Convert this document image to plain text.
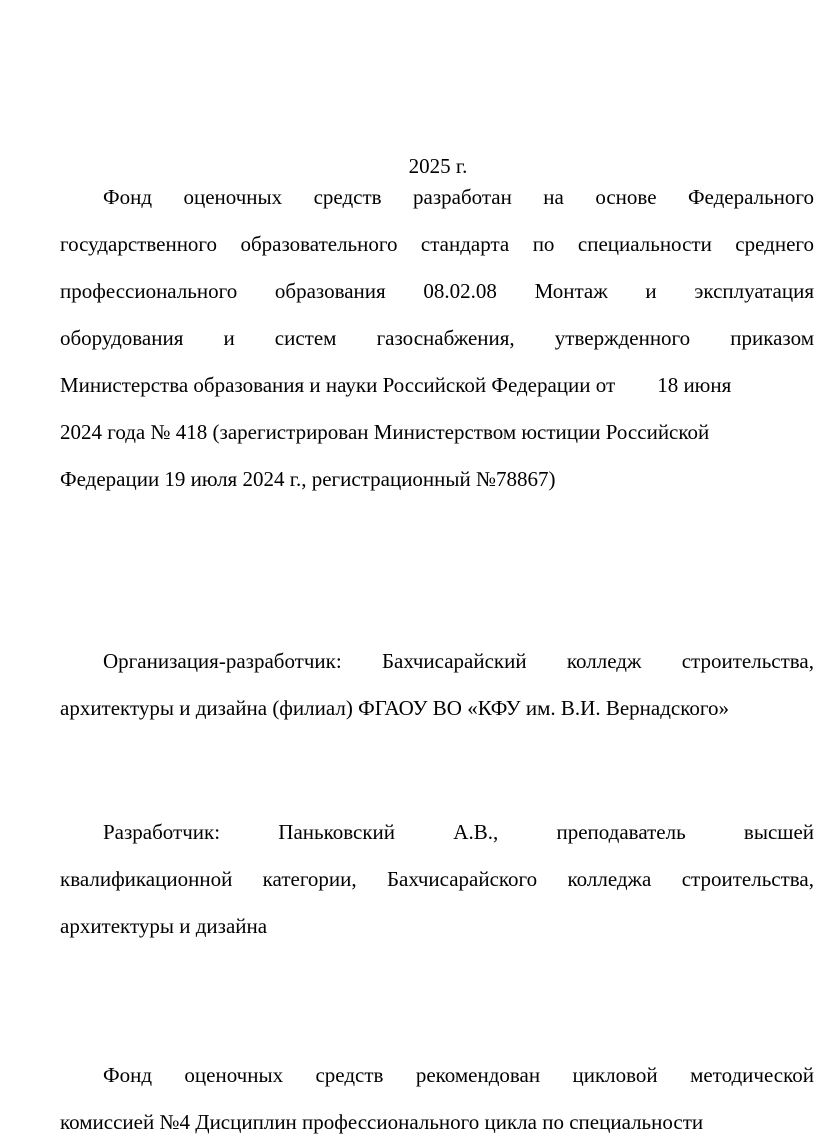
2025 г.
Фонд оценочных средств разработан на основе Федерального
государственного образовательного стандарта по специальности среднего
профессионального образования 08.02.08 Монтаж и эксплуатация
оборудования и систем газоснабжения, утвержденного приказом
Министерства образования и науки Российской Федерации от 18 июня
2024 года № 418 (зарегистрирован Министерством юстиции Российской
Федерации 19 июля 2024 г., регистрационный №78867)
Организация-разработчик: Бахчисарайский колледж строительства,
архитектуры и дизайна (филиал) ФГАОУ ВО «КФУ им. В.И. Вернадского»
Разработчик: Паньковский А.В., преподаватель высшей
квалификационной категории, Бахчисарайского колледжа строительства,
архитектуры и дизайна
Фонд оценочных средств рекомендован цикловой методической
комиссией №4 Дисциплин профессионального цикла по специальности
